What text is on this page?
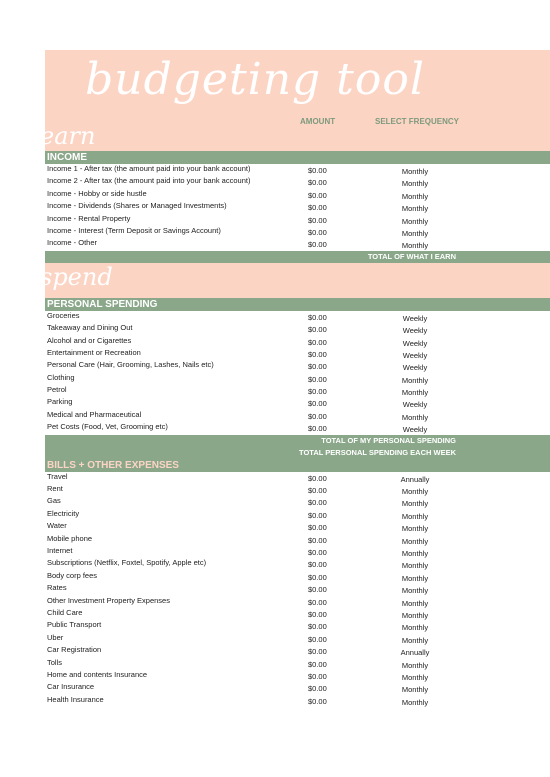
budgeting tool
AMOUNT	SELECT FREQUENCY
earn
INCOME
Income 1 - After tax (the amount paid into your bank account)	$0.00	Monthly
Income 2 - After tax (the amount paid into your bank account)	$0.00	Monthly
Income - Hobby or side hustle	$0.00	Monthly
Income - Dividends (Shares or Managed Investments)	$0.00	Monthly
Income - Rental Property	$0.00	Monthly
Income - Interest (Term Deposit or Savings Account)	$0.00	Monthly
Income - Other	$0.00	Monthly
TOTAL OF WHAT I EARN
spend
PERSONAL SPENDING
Groceries	$0.00	Weekly
Takeaway and Dining Out	$0.00	Weekly
Alcohol and or Cigarettes	$0.00	Weekly
Entertainment or Recreation	$0.00	Weekly
Personal Care (Hair, Grooming, Lashes, Nails etc)	$0.00	Weekly
Clothing	$0.00	Monthly
Petrol	$0.00	Monthly
Parking	$0.00	Weekly
Medical and Pharmaceutical	$0.00	Monthly
Pet Costs (Food, Vet, Grooming etc)	$0.00	Weekly
TOTAL OF MY PERSONAL SPENDING
TOTAL PERSONAL SPENDING EACH WEEK
BILLS + OTHER EXPENSES
Travel	$0.00	Annually
Rent	$0.00	Monthly
Gas	$0.00	Monthly
Electricity	$0.00	Monthly
Water	$0.00	Monthly
Mobile phone	$0.00	Monthly
Internet	$0.00	Monthly
Subscriptions (Netflix, Foxtel, Spotify, Apple etc)	$0.00	Monthly
Body corp fees	$0.00	Monthly
Rates	$0.00	Monthly
Other Investment Property Expenses	$0.00	Monthly
Child Care	$0.00	Monthly
Public Transport	$0.00	Monthly
Uber	$0.00	Monthly
Car Registration	$0.00	Annually
Tolls	$0.00	Monthly
Home and contents Insurance	$0.00	Monthly
Car Insurance	$0.00	Monthly
Health Insurance	$0.00	Monthly
